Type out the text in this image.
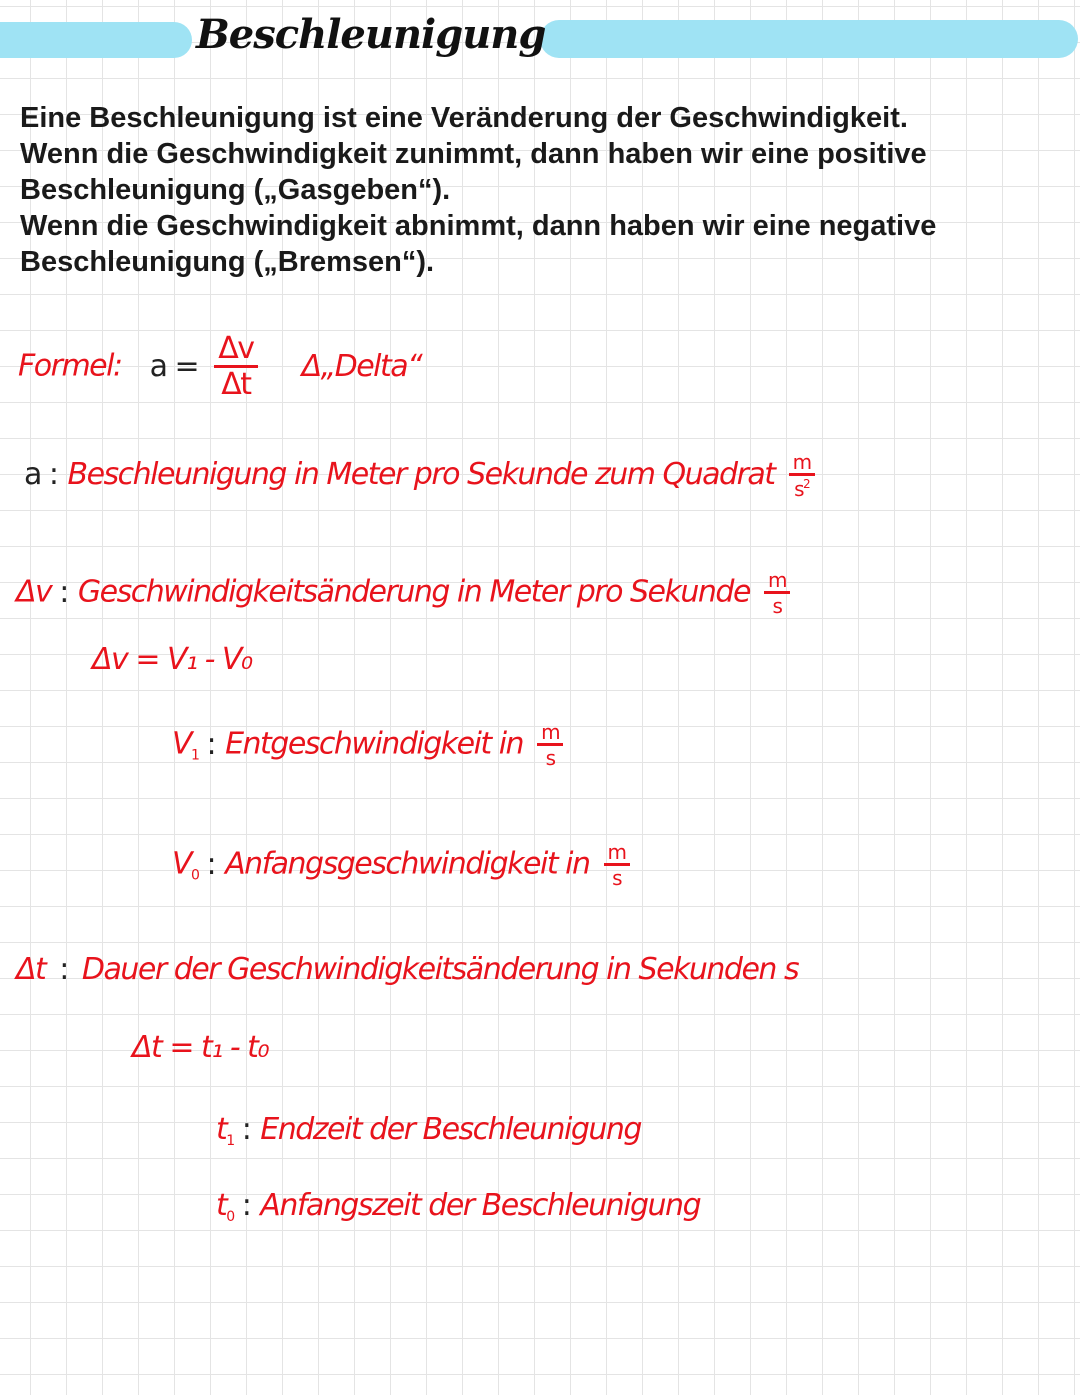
Beschleunigung

Eine Beschleunigung ist eine Veränderung der Geschwindigkeit.

Wenn die Geschwindigkeit zunimmt, dann haben wir eine positive

Beschleunigung („Gasgeben“).

Wenn die Geschwindigkeit abnimmt, dann haben wir eine negative

Beschleunigung („Bremsen“).

Formel: $a = \frac{\Delta v}{\Delta t}$ Δ„Delta“
a : Beschleunigung in Meter pro Sekunde zum Quadrat $\frac{m}{s^2}$
Δv : Geschwindigkeitsänderung in Meter pro Sekunde $\frac{m}{s}$
Δv = V₁ - V₀
$V_1$ : Entgeschwindigkeit in $\frac{m}{s}$
$V_0$ : Anfangsgeschwindigkeit in $\frac{m}{s}$
Δt : Dauer der Geschwindigkeitsänderung in Sekunden s
Δt = t₁ - t₀
$t_1$ : Endzeit der Beschleunigung
$t_0$ : Anfangszeit der Beschleunigung
